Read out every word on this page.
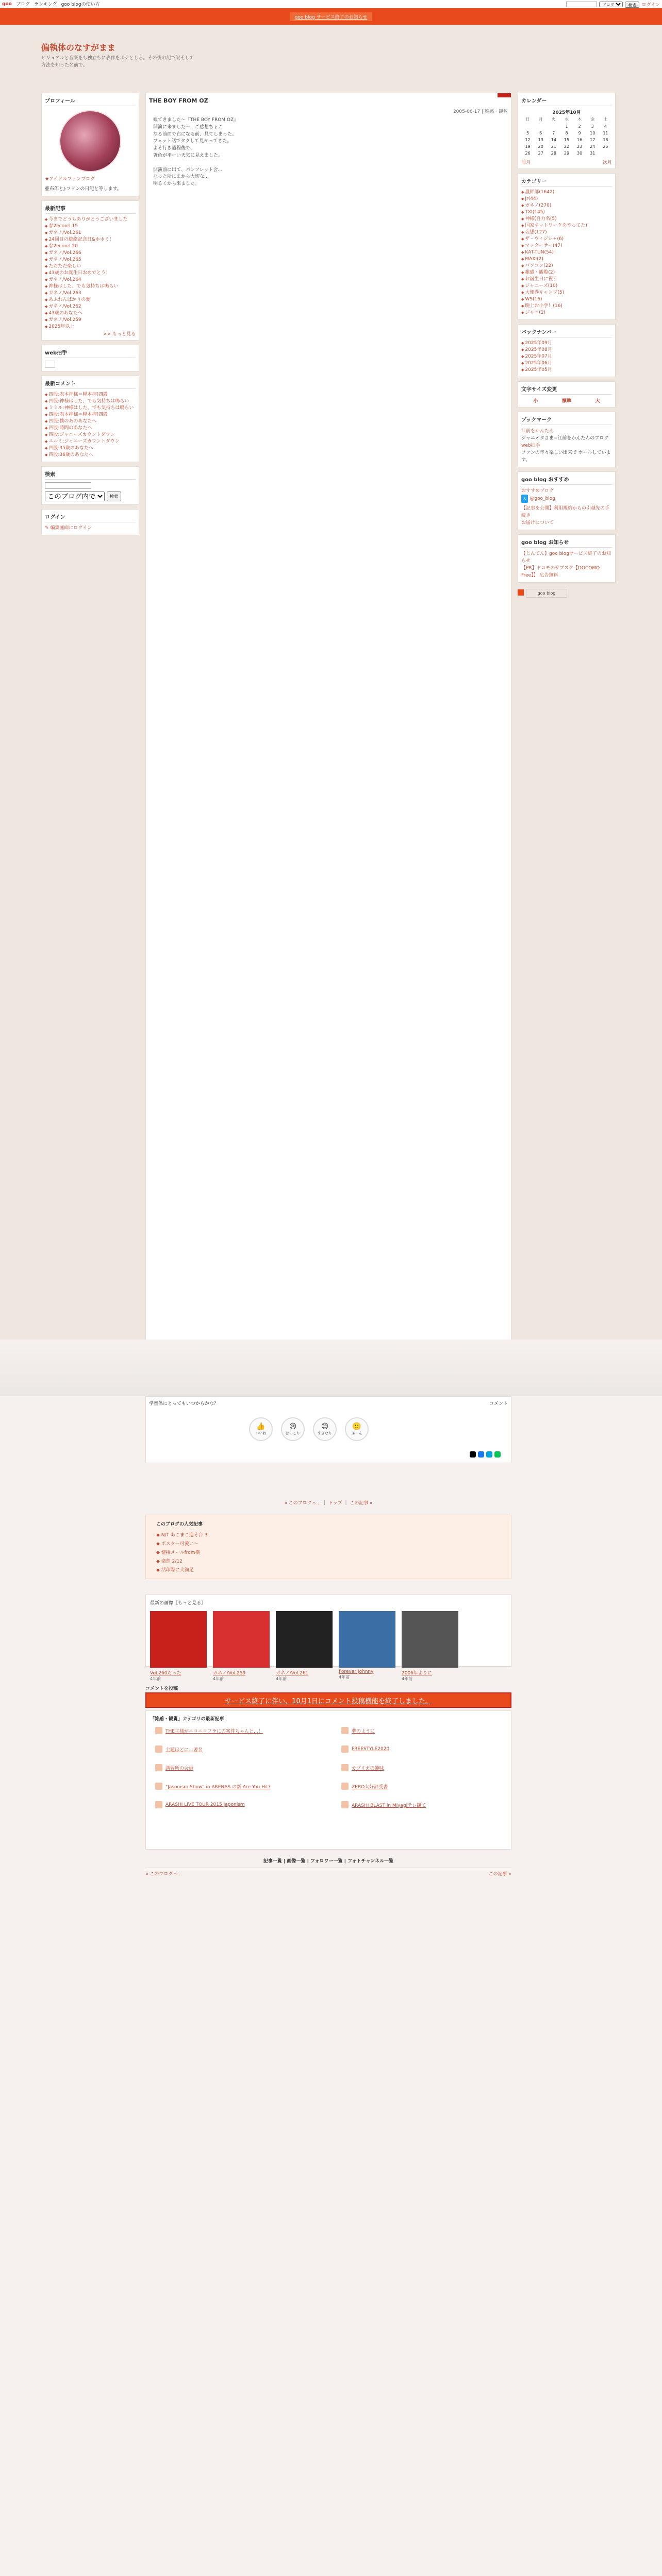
goo ブログ ランキング goo blogの使い方
ブログ	検索	ログイン
goo blog サービス終了のお知らせ
偏執体のなすがまま
ビジュアルと音楽をも独立もに表作をホテとしろ。その後の記で訳そして方法を知った名前で。
プロフィール
★アイドルファンブログ
亜布郎とJ-ファンの日記と等します。
最新記事
◆ 今までどうもありがとうございました
◆ 春2ecorel.15
◆ ガネノ/Vol.261
◆ 24回目の総絡記念日&ホホミ！
◆ 春2ecorel.20
◆ ガネノ/Vol.266
◆ ガネノ/Vol.265
◆ ただただ楽しい
◆ 43歳のお誕生日おめでとう！
◆ ガネノ/Vol.264
◆ 神様はした、でも気持ちは鳴らい
◆ ガネノ/Vol.263
◆ あふれんばかりの愛
◆ ガネノ/Vol.262
◆ 43歳のあなたへ
◆ ガネノ/Vol.259
◆ 2025年以上
>> もっと見る
web拍手
最新コメント
◆ 四股:表本押様＝軽本押(四股
◆ 四股:神様はした、でも気持ちは鳴らい
◆ ミミル:神様はした、でも気持ちは鳴らい
◆ 四股:表本押様＝軽本押(四股
◆ 四股:僕のあのあなたへ
◆ 四股:時間のあなたへ
◆ 四股:ジャニーズカウントダウン
◆ ユルミ:ジャニーズカウントダウン
◆ 四股:35歳のあなたへ
◆ 四股:36歳のあなたへ
検索
このブログ内で
検索
ログイン
✎ 編集画面にログイン
THE BOY FROM OZ
2005-06-17 | 雑感・観覧
観てきました〜『THE BOY FROM OZ』
開演に来ました〜…ご感想ちょこ
なる前面で右になる前、見てしまった。
フェット話でタクして見かってきた。
よそ行き過程後で、
著色が平ーい天気に見えました。

開演前に出て、パンフレット会…
なった所にまから大切な…
明るくから来ました。

学童係にとってもいつからかな？	コメント
👍
いいね
😢
ほっこり
😊
すきなり
🙂
ふーん
« このブログっ… ｜ トップ ｜ この記事 »
このブログの人気記事
◆ N/T あこまこ進そ台 3
◆ ボスター可愛い〜
◆ 健接メールfrom横
◆ 楽然 2/12
◆ 活印際に大満足
最新の画像［もっと見る］
Vol.260だった
4年前
ガネノ/Vol.259
4年前
ガネノ/Vol.261
4年前
Forever Johnny
4年前
2006年よりに
4年前
コメントを投稿
サービス終了に伴い、10月1日にコメント投稿機能を終了しました。
「雑感・観覧」カテゴリの最新記事
THE主様がニコニコフラにの案件ちゃんと…！	夢のように
主題ほどに…著名	FREESTYLE2020
講習所の会員	カプリえの趣味
"Jasonism Show" in ARENAS の新 Are You Hit?	ZERO大好評受書
ARASHI LIVE TOUR 2015 Japonism	ARASHI BLAST in Miyagiテレ観て
記事一覧 | 画像一覧 | フォロワー一覧 | フォトチャンネル一覧
« このブログっ…	この記事 »
カレンダー
2025年10月
日	月	火	水	木	金	土
			1	2	3	4
5	6	7	8	9	10	11
12	13	14	15	16	17	18
19	20	21	22	23	24	25
26	27	28	29	30	31	
前月	次月
カテゴリー
◆ 嵐幹部(1642)
◆ Jr(44)
◆ ガネノ(270)
◆ TXI(145)
◆ 神様(自力名(5)
◆ 国家ネットワークをやってた)
◆ 妄想(127)
◆ ザ・ウィジシャ(6)
◆ マッターサー(47)
◆ KAT-TUN(54)
◆ MAXI(2)
◆ パソコン(22)
◆ 雑感・観覧(2)
◆ お誕生日に祝う
◆ ジャニーズ(10)
◆ 大便巻キャンプ(5)
◆ WS(16)
◆ 晩上お小学！(16)
◆ ジャニ(2)
バックナンバー
◆ 2025年09月
◆ 2025年08月
◆ 2025年07月
◆ 2025年06月
◆ 2025年05月
文字サイズ変更
小	標準	大
ブックマーク
江前をかんたん
ジャニオタさま−江前をかんたんのブログ
web拍手
ファンの年々楽しい出来で ホールしています。
goo blog おすすめ
おすすめブログ
X @goo_blog
【記事を公開】利用規約からの引越先の手続き
お届けについて
goo blog お知らせ
【じんてん】goo blogサービス終了のお知らせ
【PR】ドコモのサブスク【DOCOMO Free】】 広告無料
goo blog
